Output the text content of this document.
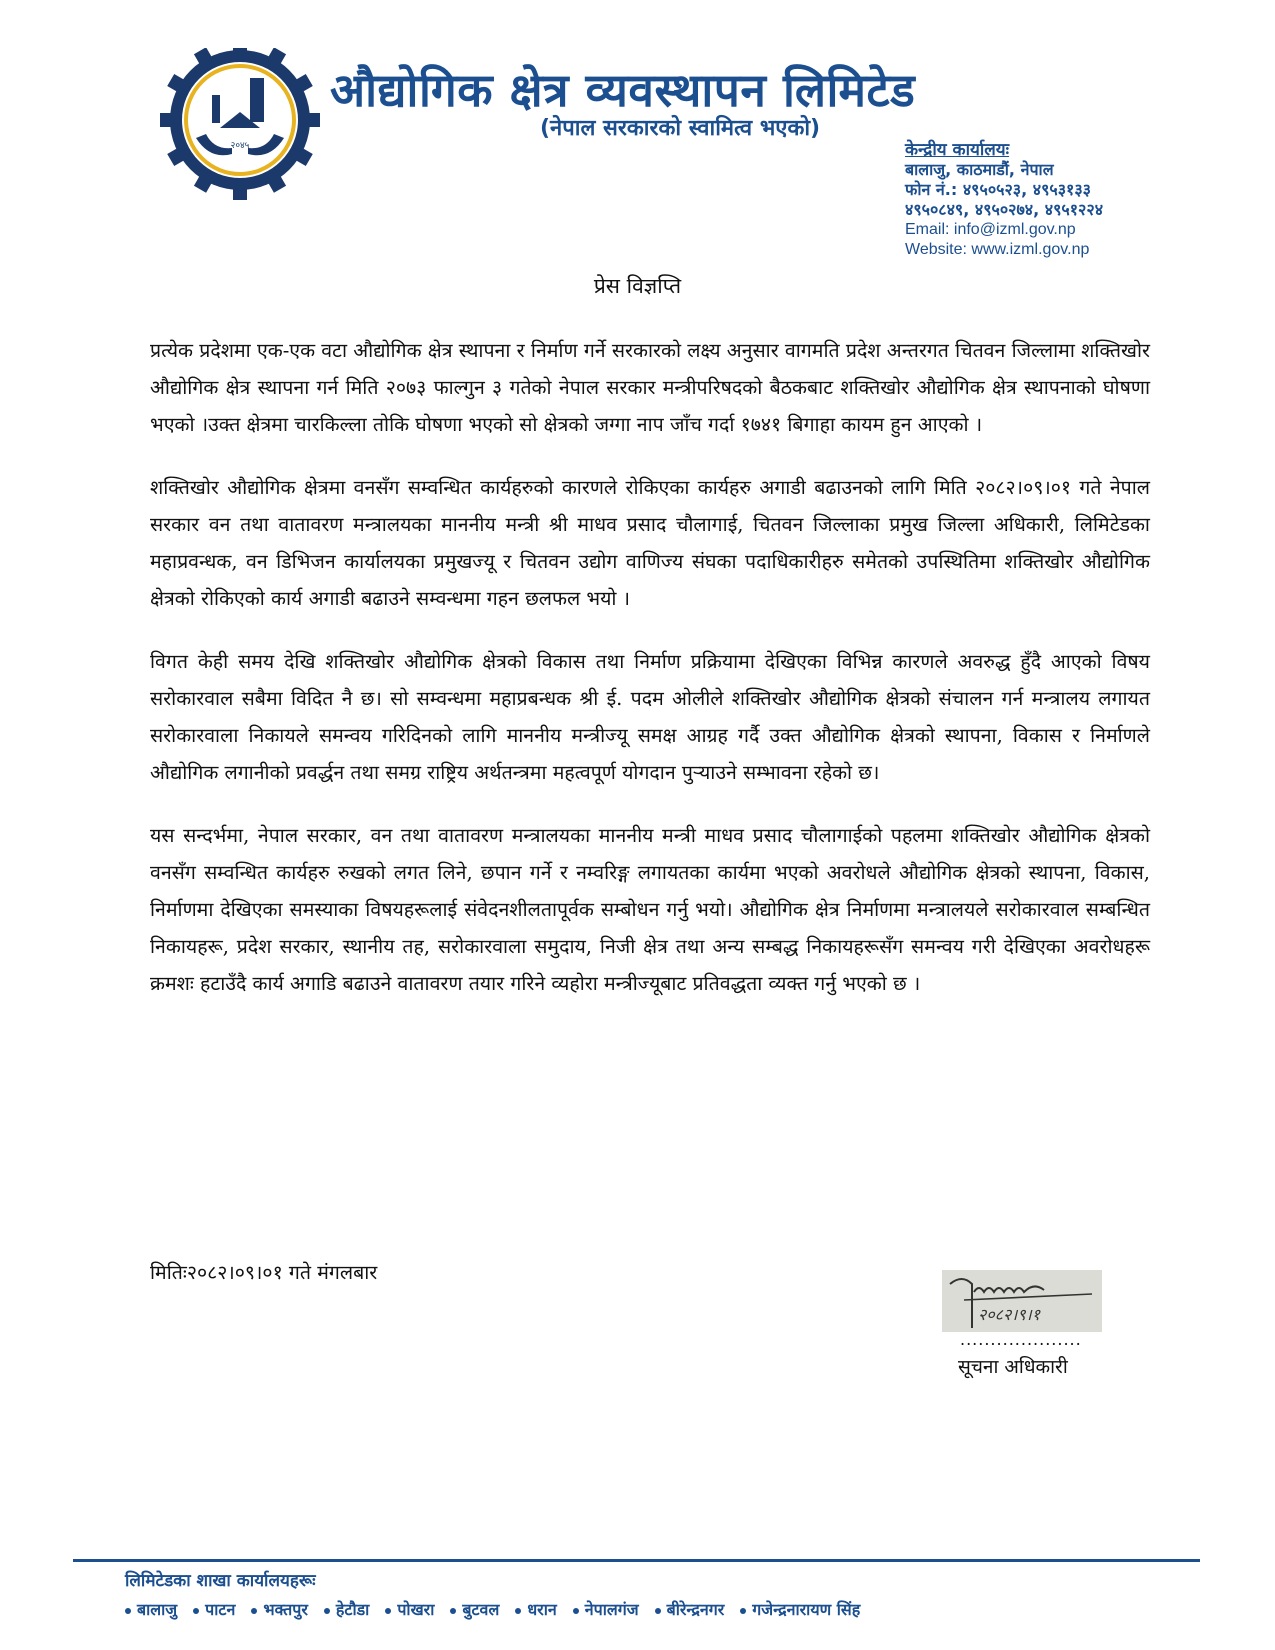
२०४५
औद्योगिक क्षेत्र व्यवस्थापन लिमिटेड
(नेपाल सरकारको स्वामित्व भएको)
केन्द्रीय कार्यालयः
बालाजु, काठमाडौं, नेपाल
फोन नं.: ४९५०५२३, ४९५३१३३
४९५०८४९, ४९५०२७४, ४९५१२२४
Email: info@izml.gov.np
Website: www.izml.gov.np
प्रेस विज्ञप्ति

प्रत्येक प्रदेशमा एक-एक वटा औद्योगिक क्षेत्र स्थापना र निर्माण गर्ने सरकारको लक्ष्य अनुसार वागमति प्रदेश अन्तरगत चितवन जिल्लामा शक्तिखोर औद्योगिक क्षेत्र स्थापना गर्न मिति २०७३ फाल्गुन ३ गतेको नेपाल सरकार मन्त्रीपरिषदको बैठकबाट शक्तिखोर औद्योगिक क्षेत्र स्थापनाको घोषणा भएको ।उक्त क्षेत्रमा चारकिल्ला तोकि घोषणा भएको सो क्षेत्रको जग्गा नाप जाँच गर्दा १७४१ बिगाहा कायम हुन आएको ।

शक्तिखोर औद्योगिक क्षेत्रमा वनसँग सम्वन्धित कार्यहरुको कारणले रोकिएका कार्यहरु अगाडी बढाउनको लागि मिति २०८२।०९।०१ गते नेपाल सरकार वन तथा वातावरण मन्त्रालयका माननीय मन्त्री श्री माधव प्रसाद चौलागाई, चितवन जिल्लाका प्रमुख जिल्ला अधिकारी, लिमिटेडका महाप्रवन्धक, वन डिभिजन कार्यालयका प्रमुखज्यू र चितवन उद्योग वाणिज्य संघका पदाधिकारीहरु समेतको उपस्थितिमा शक्तिखोर औद्योगिक क्षेत्रको रोकिएको कार्य अगाडी बढाउने सम्वन्धमा गहन छलफल भयो ।

विगत केही समय देखि शक्तिखोर औद्योगिक क्षेत्रको विकास तथा निर्माण प्रक्रियामा देखिएका विभिन्न कारणले अवरुद्ध हुँदै आएको विषय सरोकारवाल सबैमा विदित नै छ। सो सम्वन्धमा महाप्रबन्धक श्री ई. पदम ओलीले शक्तिखोर औद्योगिक क्षेत्रको संचालन गर्न मन्त्रालय लगायत सरोकारवाला निकायले समन्वय गरिदिनको लागि माननीय मन्त्रीज्यू समक्ष आग्रह गर्दै उक्त औद्योगिक क्षेत्रको स्थापना, विकास र निर्माणले औद्योगिक लगानीको प्रवर्द्धन तथा समग्र राष्ट्रिय अर्थतन्त्रमा महत्वपूर्ण योगदान पुऱ्याउने सम्भावना रहेको छ।

यस सन्दर्भमा, नेपाल सरकार, वन तथा वातावरण मन्त्रालयका माननीय मन्त्री माधव प्रसाद चौलागाईको पहलमा शक्तिखोर औद्योगिक क्षेत्रको वनसँग सम्वन्धित कार्यहरु रुखको लगत लिने, छपान गर्ने र नम्वरिङ्ग लगायतका कार्यमा भएको अवरोधले औद्योगिक क्षेत्रको स्थापना, विकास, निर्माणमा देखिएका समस्याका विषयहरूलाई संवेदनशीलतापूर्वक सम्बोधन गर्नु भयो। औद्योगिक क्षेत्र निर्माणमा मन्त्रालयले सरोकारवाल सम्बन्धित निकायहरू, प्रदेश सरकार, स्थानीय तह, सरोकारवाला समुदाय, निजी क्षेत्र तथा अन्य सम्बद्ध निकायहरूसँग समन्वय गरी देखिएका अवरोधहरू क्रमशः हटाउँदै कार्य अगाडि बढाउने वातावरण तयार गरिने व्यहोरा मन्त्रीज्यूबाट प्रतिवद्धता व्यक्त गर्नु भएको छ ।

मितिः२०८२।०९।०१ गते मंगलबार
२०८२।९।१
....................
सूचना अधिकारी
लिमिटेडका शाखा कार्यालयहरूः
बालाजु	पाटन	भक्तपुर	हेटौडा	पोखरा	बुटवल	धरान	नेपालगंज	बीरेन्द्रनगर	गजेन्द्रनारायण सिंह
